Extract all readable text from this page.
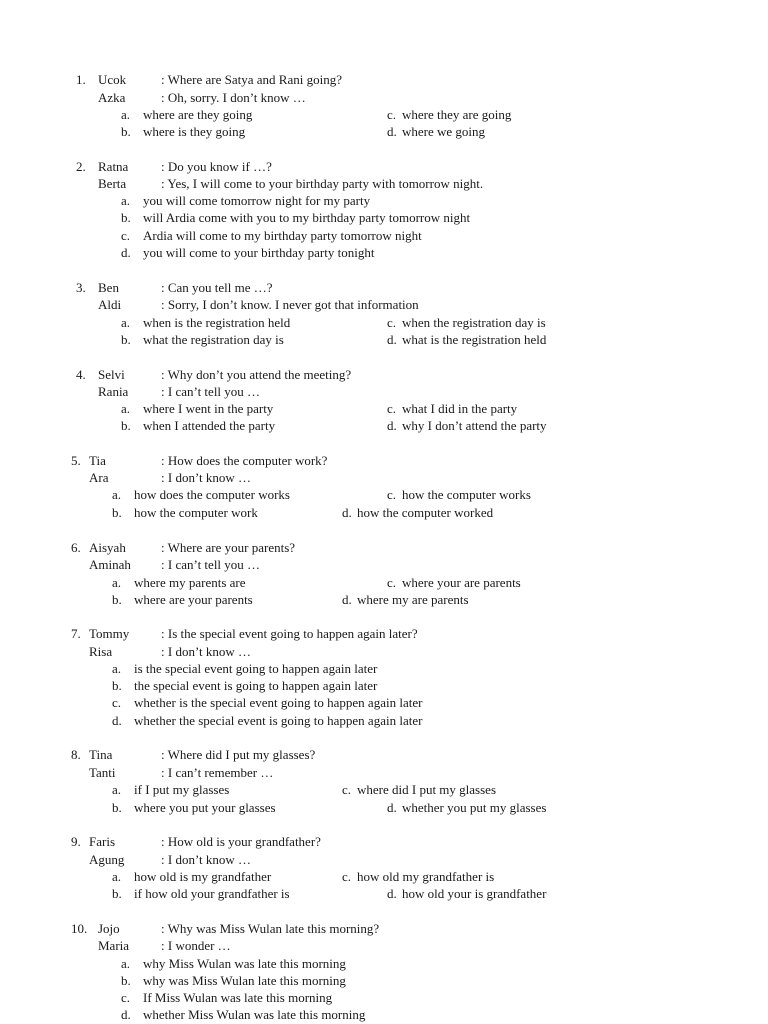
1. Ucok	: Where are Satya and Rani going?
Azka	: Oh, sorry. I don’t know …
a. where are they going	c. where they are going
b. where is they going	d. where we going
2. Ratna	: Do you know if …?
Berta	: Yes, I will come to your birthday party with tomorrow night.
a. you will come tomorrow night for my party
b. will Ardia come with you to my birthday party tomorrow night
c. Ardia will come to my birthday party tomorrow night
d. you will come to your birthday party tonight
3. Ben	: Can you tell me …?
Aldi	: Sorry, I don’t know. I never got that information
a. when is the registration held	c. when the registration day is
b. what the registration day is	d. what is the registration held
4. Selvi	: Why don’t you attend the meeting?
Rania	: I can’t tell you …
a. where I went in the party	c. what I did in the party
b. when I attended the party	d. why I don’t attend the party
5. Tia	: How does the computer work?
Ara	: I don’t know …
a. how does the computer works	c. how the computer works
b. how the computer work	d. how the computer worked
6. Aisyah	: Where are your parents?
Aminah : I can’t tell you …
a. where my parents are	c. where your are parents
b. where are your parents	d. where my are parents
7. Tommy : Is the special event going to happen again later?
Risa	: I don’t know …
a. is the special event going to happen again later
b. the special event is going to happen again later
c. whether is the special event going to happen again later
d. whether the special event is going to happen again later
8. Tina	: Where did I put my glasses?
Tanti	: I can’t remember …
a. if I put my glasses	c. where did I put my glasses
b. where you put your glasses	d. whether you put my glasses
9. Faris	: How old is your grandfather?
Agung	: I don’t know …
a. how old is my grandfather	c. how old my grandfather is
b. if how old your grandfather is	d. how old your is grandfather
10. Jojo	: Why was Miss Wulan late this morning?
Maria : I wonder …
a. why Miss Wulan was late this morning
b. why was Miss Wulan late this morning
c. If Miss Wulan was late this morning
d. whether Miss Wulan was late this morning
